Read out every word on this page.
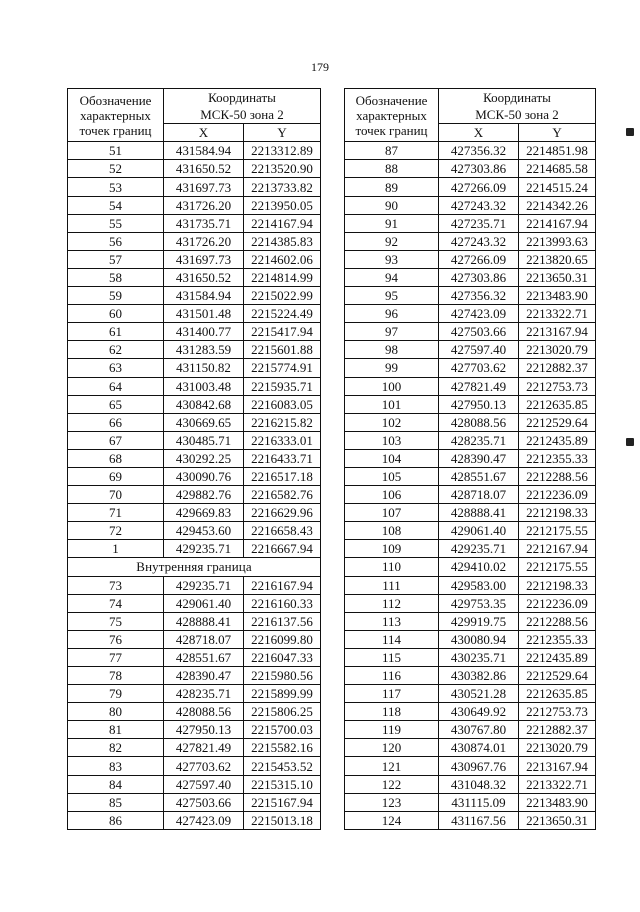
179
Обозначение
характерных
точек границ	Координаты	
	МСК-50 зона 2	
	X	Y
51	431584.94	2213312.89
52	431650.52	2213520.90
53	431697.73	2213733.82
54	431726.20	2213950.05
55	431735.71	2214167.94
56	431726.20	2214385.83
57	431697.73	2214602.06
58	431650.52	2214814.99
59	431584.94	2215022.99
60	431501.48	2215224.49
61	431400.77	2215417.94
62	431283.59	2215601.88
63	431150.82	2215774.91
64	431003.48	2215935.71
65	430842.68	2216083.05
66	430669.65	2216215.82
67	430485.71	2216333.01
68	430292.25	2216433.71
69	430090.76	2216517.18
70	429882.76	2216582.76
71	429669.83	2216629.96
72	429453.60	2216658.43
1	429235.71	2216667.94
Внутренняя граница		
73	429235.71	2216167.94
74	429061.40	2216160.33
75	428888.41	2216137.56
76	428718.07	2216099.80
77	428551.67	2216047.33
78	428390.47	2215980.56
79	428235.71	2215899.99
80	428088.56	2215806.25
81	427950.13	2215700.03
82	427821.49	2215582.16
83	427703.62	2215453.52
84	427597.40	2215315.10
85	427503.66	2215167.94
86	427423.09	2215013.18
Обозначение
характерных
точек границ	Координаты	
	МСК-50 зона 2	
	X	Y
87	427356.32	2214851.98
88	427303.86	2214685.58
89	427266.09	2214515.24
90	427243.32	2214342.26
91	427235.71	2214167.94
92	427243.32	2213993.63
93	427266.09	2213820.65
94	427303.86	2213650.31
95	427356.32	2213483.90
96	427423.09	2213322.71
97	427503.66	2213167.94
98	427597.40	2213020.79
99	427703.62	2212882.37
100	427821.49	2212753.73
101	427950.13	2212635.85
102	428088.56	2212529.64
103	428235.71	2212435.89
104	428390.47	2212355.33
105	428551.67	2212288.56
106	428718.07	2212236.09
107	428888.41	2212198.33
108	429061.40	2212175.55
109	429235.71	2212167.94
110	429410.02	2212175.55
111	429583.00	2212198.33
112	429753.35	2212236.09
113	429919.75	2212288.56
114	430080.94	2212355.33
115	430235.71	2212435.89
116	430382.86	2212529.64
117	430521.28	2212635.85
118	430649.92	2212753.73
119	430767.80	2212882.37
120	430874.01	2213020.79
121	430967.76	2213167.94
122	431048.32	2213322.71
123	431115.09	2213483.90
124	431167.56	2213650.31
